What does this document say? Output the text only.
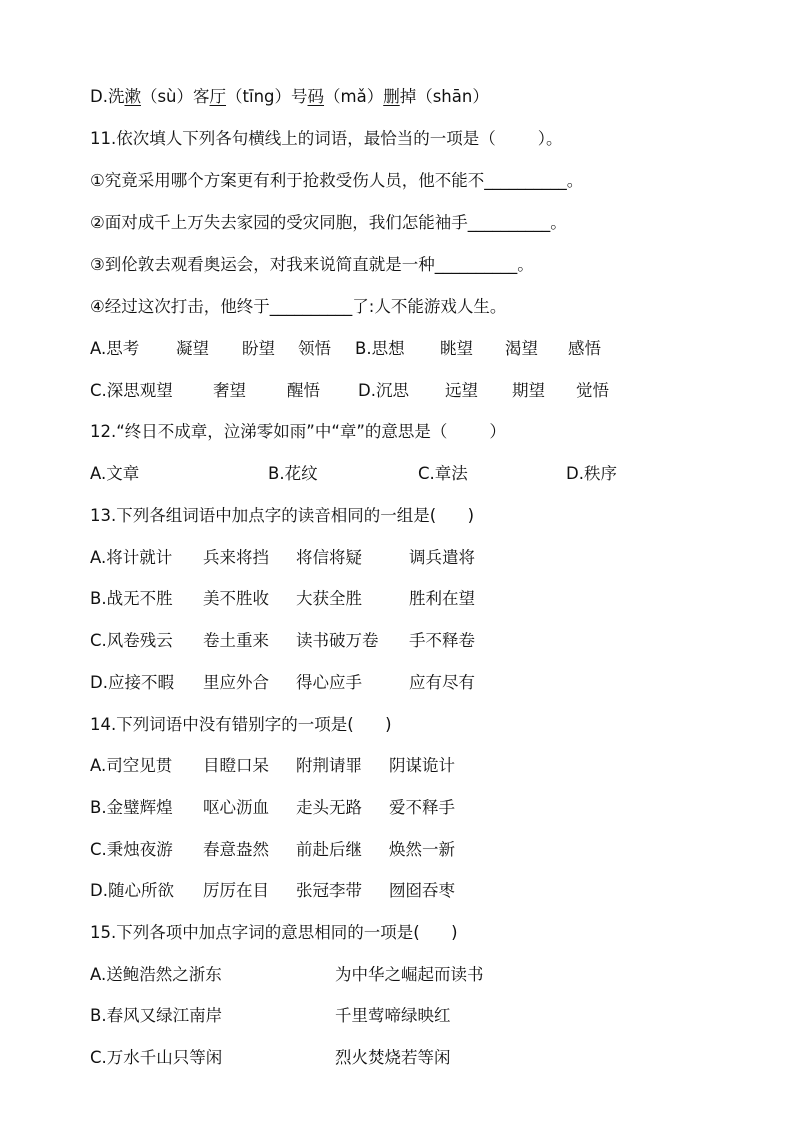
D.洗漱（sù）客厅（tīng）号码（mǎ）删掉（shān）
11.依次填人下列各句横线上的词语，最恰当的一项是（        ）。
①究竟采用哪个方案更有利于抢救受伤人员，他不能不__________。
②面对成千上万失去家园的受灾同胞，我们怎能袖手__________。
③到伦敦去观看奥运会，对我来说简直就是一种__________。
④经过这次打击，他终于__________了:人不能游戏人生。
A.思考 凝望 盼望 领悟 B.思想 眺望 渴望 感悟
C.深思观望 奢望 醒悟 D.沉思 远望 期望 觉悟
12.“终日不成章，泣涕零如雨”中“章”的意思是（        ）
A.文章	B.花纹	C.章法	D.秩序
13.下列各组词语中加点字的读音相同的一组是(      )
A.将计就计 兵来将挡 将信将疑	调兵遣将
B.战无不胜 美不胜收 大获全胜	胜利在望
C.风卷残云 卷土重来 读书破万卷 手不释卷
D.应接不暇 里应外合 得心应手	应有尽有
14.下列词语中没有错别字的一项是(      )
A.司空见贯 目瞪口呆 附荆请罪 阴谋诡计
B.金璧辉煌 呕心沥血 走头无路 爱不释手
C.秉烛夜游 春意盎然 前赴后继 焕然一新
D.随心所欲 厉厉在目 张冠李带 囫囵吞枣
15.下列各项中加点字词的意思相同的一项是(      )
A.送鲍浩然之浙东	为中华之崛起而读书
B.春风又绿江南岸	千里莺啼绿映红
C.万水千山只等闲	烈火焚烧若等闲
